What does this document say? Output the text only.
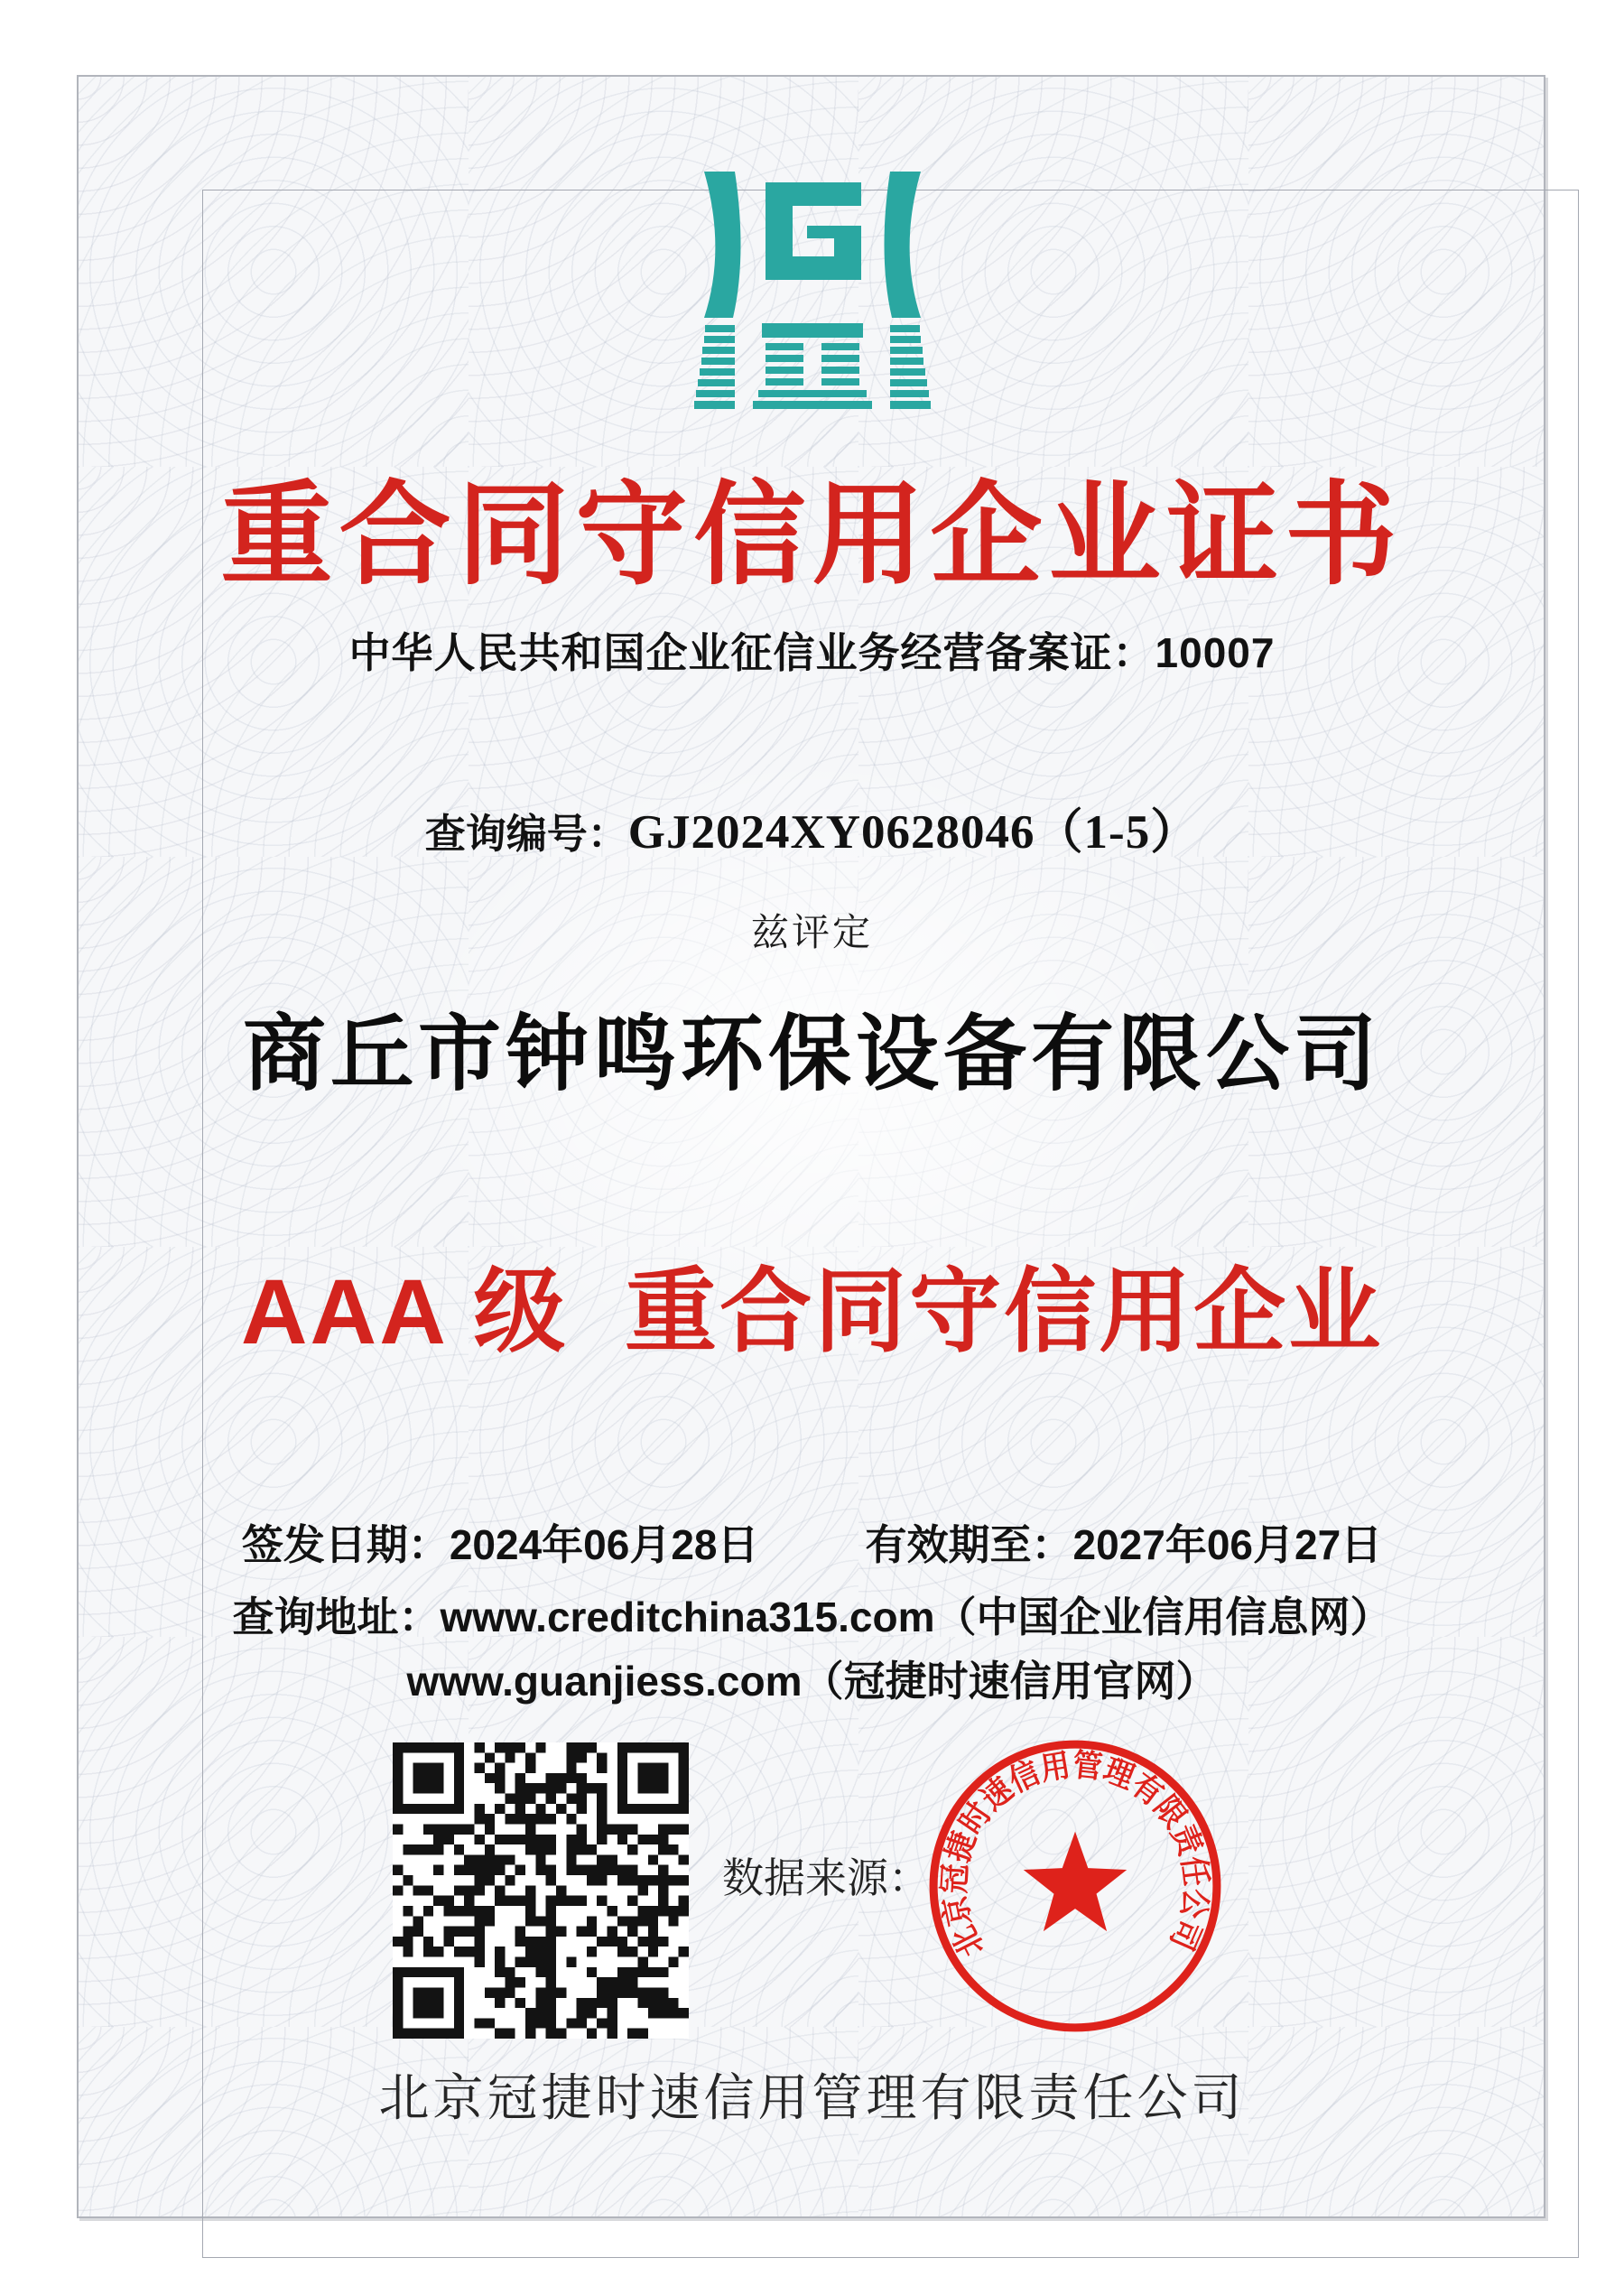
重合同守信用企业证书
中华人民共和国企业征信业务经营备案证：10007
查询编号：GJ2024XY0628046（1-5）
兹评定
商丘市钟鸣环保设备有限公司
AAA 级  重合同守信用企业
签发日期：2024年06月28日	有效期至：2027年06月27日
查询地址：www.creditchina315.com（中国企业信用信息网）
www.guanjiess.com（冠捷时速信用官网）
数据来源：
北京冠捷时速信用管理有限责任公司
北京冠捷时速信用管理有限责任公司
